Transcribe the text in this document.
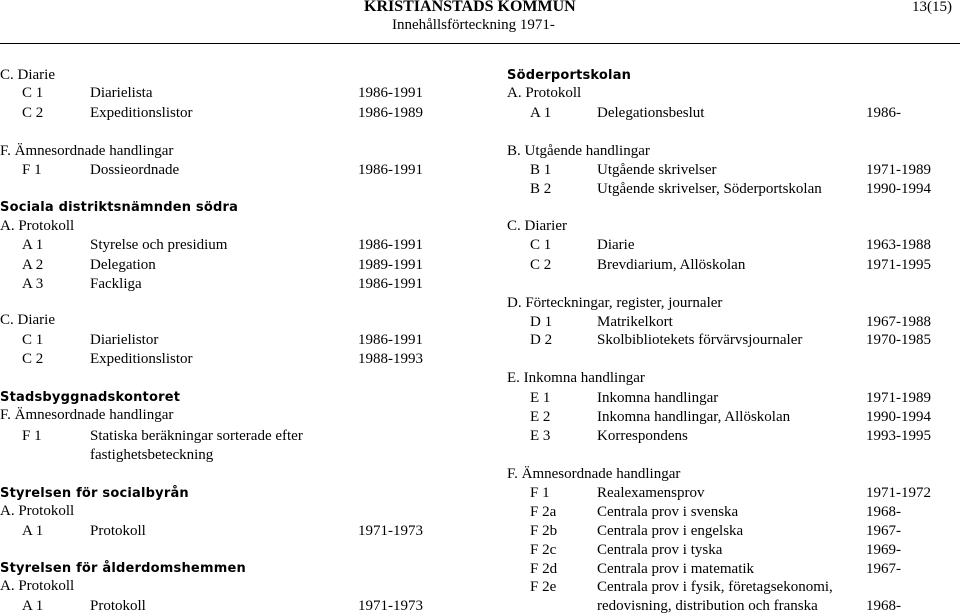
KRISTIANSTADS KOMMUN
Innehållsförteckning 1971-
13(15)
C. Diarie
C 1	Diarielista	1986-1991
C 2	Expeditionslistor	1986-1989
F. Ämnesordnade handlingar
F 1	Dossieordnade	1986-1991
Sociala distriktsnämnden södra
A. Protokoll
A 1	Styrelse och presidium	1986-1991
A 2	Delegation	1989-1991
A 3	Fackliga	1986-1991
C. Diarie
C 1	Diarielistor	1986-1991
C 2	Expeditionslistor	1988-1993
Stadsbyggnadskontoret
F. Ämnesordnade handlingar
F 1	Statiska beräkningar sorterade efter
fastighetsbeteckning
Styrelsen för socialbyrån
A. Protokoll
A 1	Protokoll	1971-1973
Styrelsen för ålderdomshemmen
A. Protokoll
A 1	Protokoll	1971-1973
Söderportskolan
A. Protokoll
A 1	Delegationsbeslut	1986-
B. Utgående handlingar
B 1	Utgående skrivelser	1971-1989
B 2	Utgående skrivelser, Söderportskolan	1990-1994
C. Diarier
C 1	Diarie	1963-1988
C 2	Brevdiarium, Allöskolan	1971-1995
D. Förteckningar, register, journaler
D 1	Matrikelkort	1967-1988
D 2	Skolbibliotekets förvärvsjournaler	1970-1985
E. Inkomna handlingar
E 1	Inkomna handlingar	1971-1989
E 2	Inkomna handlingar, Allöskolan	1990-1994
E 3	Korrespondens	1993-1995
F. Ämnesordnade handlingar
F 1	Realexamensprov	1971-1972
F 2a	Centrala prov i svenska	1968-
F 2b	Centrala prov i engelska	1967-
F 2c	Centrala prov i tyska	1969-
F 2d	Centrala prov i matematik	1967-
F 2e	Centrala prov i fysik, företagsekonomi,
redovisning, distribution och franska	1968-
